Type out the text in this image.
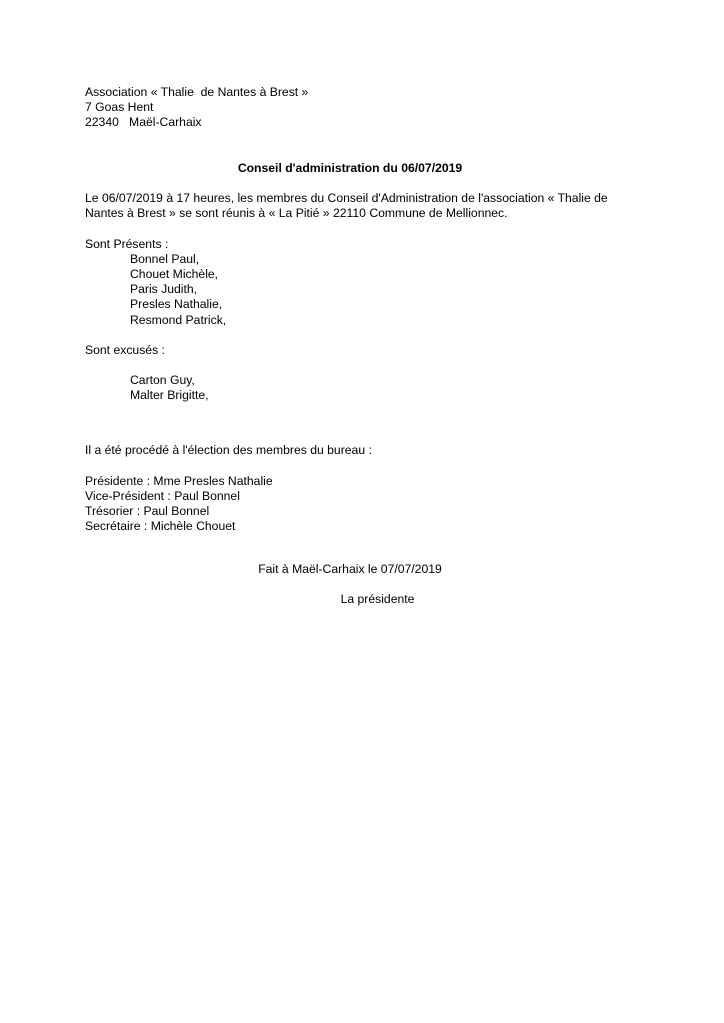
Association « Thalie  de Nantes à Brest »
7 Goas Hent
22340   Maël-Carhaix
Conseil d'administration du 06/07/2019
Le 06/07/2019 à 17 heures, les membres du Conseil d'Administration de l'association « Thalie de Nantes à Brest » se sont réunis à « La Pitié » 22110 Commune de Mellionnec.
Sont Présents :
Bonnel Paul,
Chouet Michèle,
Paris Judith,
Presles Nathalie,
Resmond Patrick,
Sont excusés :
Carton Guy,
Malter Brigitte,
Il a été procédé à l'élection des membres du bureau :
Présidente : Mme Presles Nathalie
Vice-Président : Paul Bonnel
Trésorier : Paul Bonnel
Secrétaire : Michèle Chouet
Fait à Maël-Carhaix le 07/07/2019
La présidente
